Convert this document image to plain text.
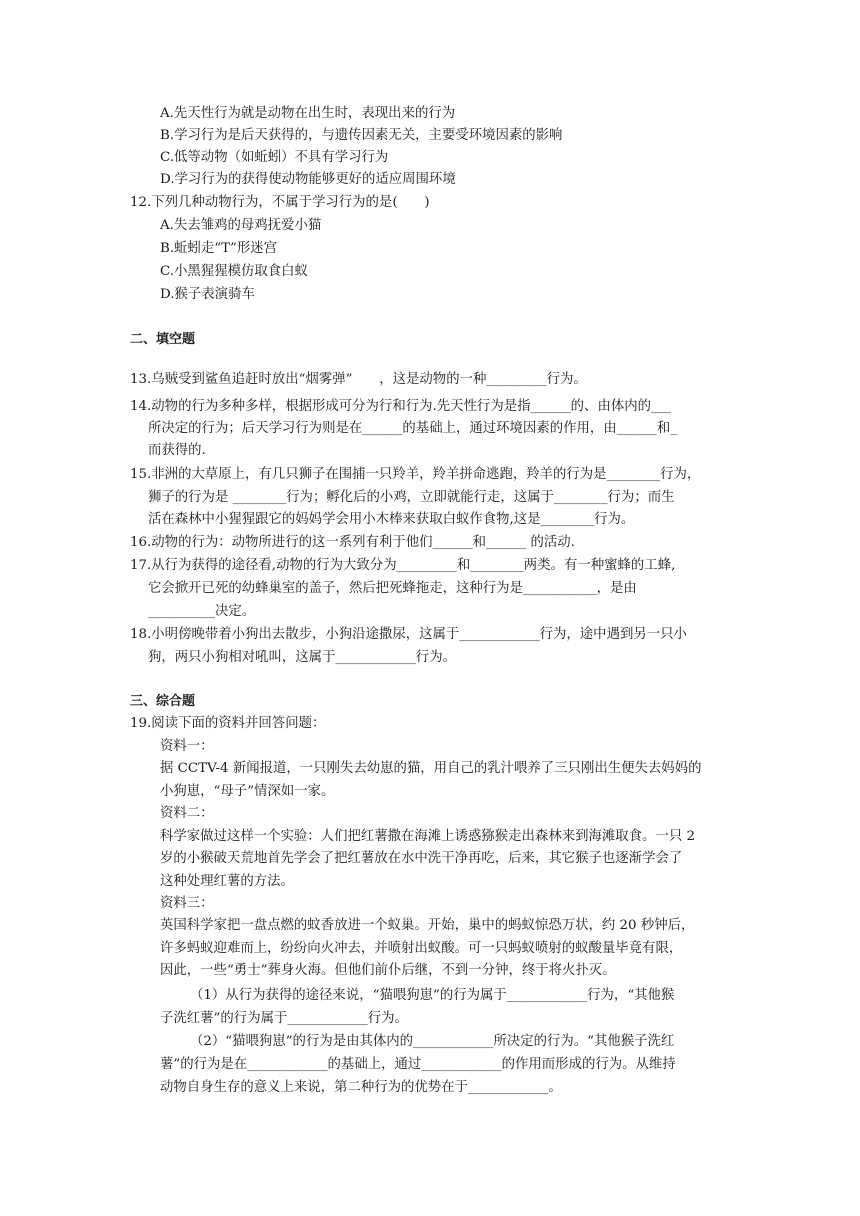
A.先天性行为就是动物在出生时，表现出来的行为
B.学习行为是后天获得的，与遗传因素无关，主要受环境因素的影响
C.低等动物（如蚯蚓）不具有学习行为
D.学习行为的获得使动物能够更好的适应周围环境
12.下列几种动物行为，不属于学习行为的是(　　)
A.失去雏鸡的母鸡抚爱小猫
B.蚯蚓走“T”形迷宫
C.小黑猩猩模仿取食白蚁
D.猴子表演骑车
二、填空题
13.乌贼受到鲨鱼追赶时放出“烟雾弹”　　，这是动物的一种_________行为。
14.动物的行为多种多样，根据形成可分为行和行为.先天性行为是指______的、由体内的___
所决定的行为；后天学习行为则是在______的基础上，通过环境因素的作用，由______和_
而获得的.
15.非洲的大草原上，有几只狮子在围捕一只羚羊，羚羊拼命逃跑，羚羊的行为是________行为，
狮子的行为是 ________行为；孵化后的小鸡，立即就能行走，这属于________行为；而生
活在森林中小猩猩跟它的妈妈学会用小木棒来获取白蚁作食物,这是________行为。
16.动物的行为：动物所进行的这一系列有利于他们______和______ 的活动.
17.从行为获得的途径看,动物的行为大致分为_________和________两类。有一种蜜蜂的工蜂,
它会掀开已死的幼蜂巢室的盖子，然后把死蜂拖走，这种行为是___________，是由
__________决定。
18.小明傍晚带着小狗出去散步，小狗沿途撒尿，这属于____________行为，途中遇到另一只小
狗，两只小狗相对吼叫，这属于____________行为。
三、综合题
19.阅读下面的资料并回答问题：
资料一：
据 CCTV-4 新闻报道，一只刚失去幼崽的猫，用自己的乳汁喂养了三只刚出生便失去妈妈的
小狗崽，“母子”情深如一家。
资料二：
科学家做过这样一个实验：人们把红薯撒在海滩上诱惑猕猴走出森林来到海滩取食。一只 2
岁的小猴破天荒地首先学会了把红薯放在水中洗干净再吃，后来，其它猴子也逐渐学会了
这种处理红薯的方法。
资料三：
英国科学家把一盘点燃的蚊香放进一个蚁巢。开始，巢中的蚂蚁惊恐万状，约 20 秒钟后，
许多蚂蚁迎难而上，纷纷向火冲去，并喷射出蚁酸。可一只蚂蚁喷射的蚁酸量毕竟有限，
因此，一些“勇士”葬身火海。但他们前仆后继，不到一分钟，终于将火扑灭。
（1）从行为获得的途径来说，“猫喂狗崽”的行为属于____________行为，“其他猴
子洗红薯”的行为属于____________行为。
（2）“猫喂狗崽”的行为是由其体内的____________所决定的行为。“其他猴子洗红
薯”的行为是在____________的基础上，通过____________的作用而形成的行为。从维持
动物自身生存的意义上来说，第二种行为的优势在于____________。
